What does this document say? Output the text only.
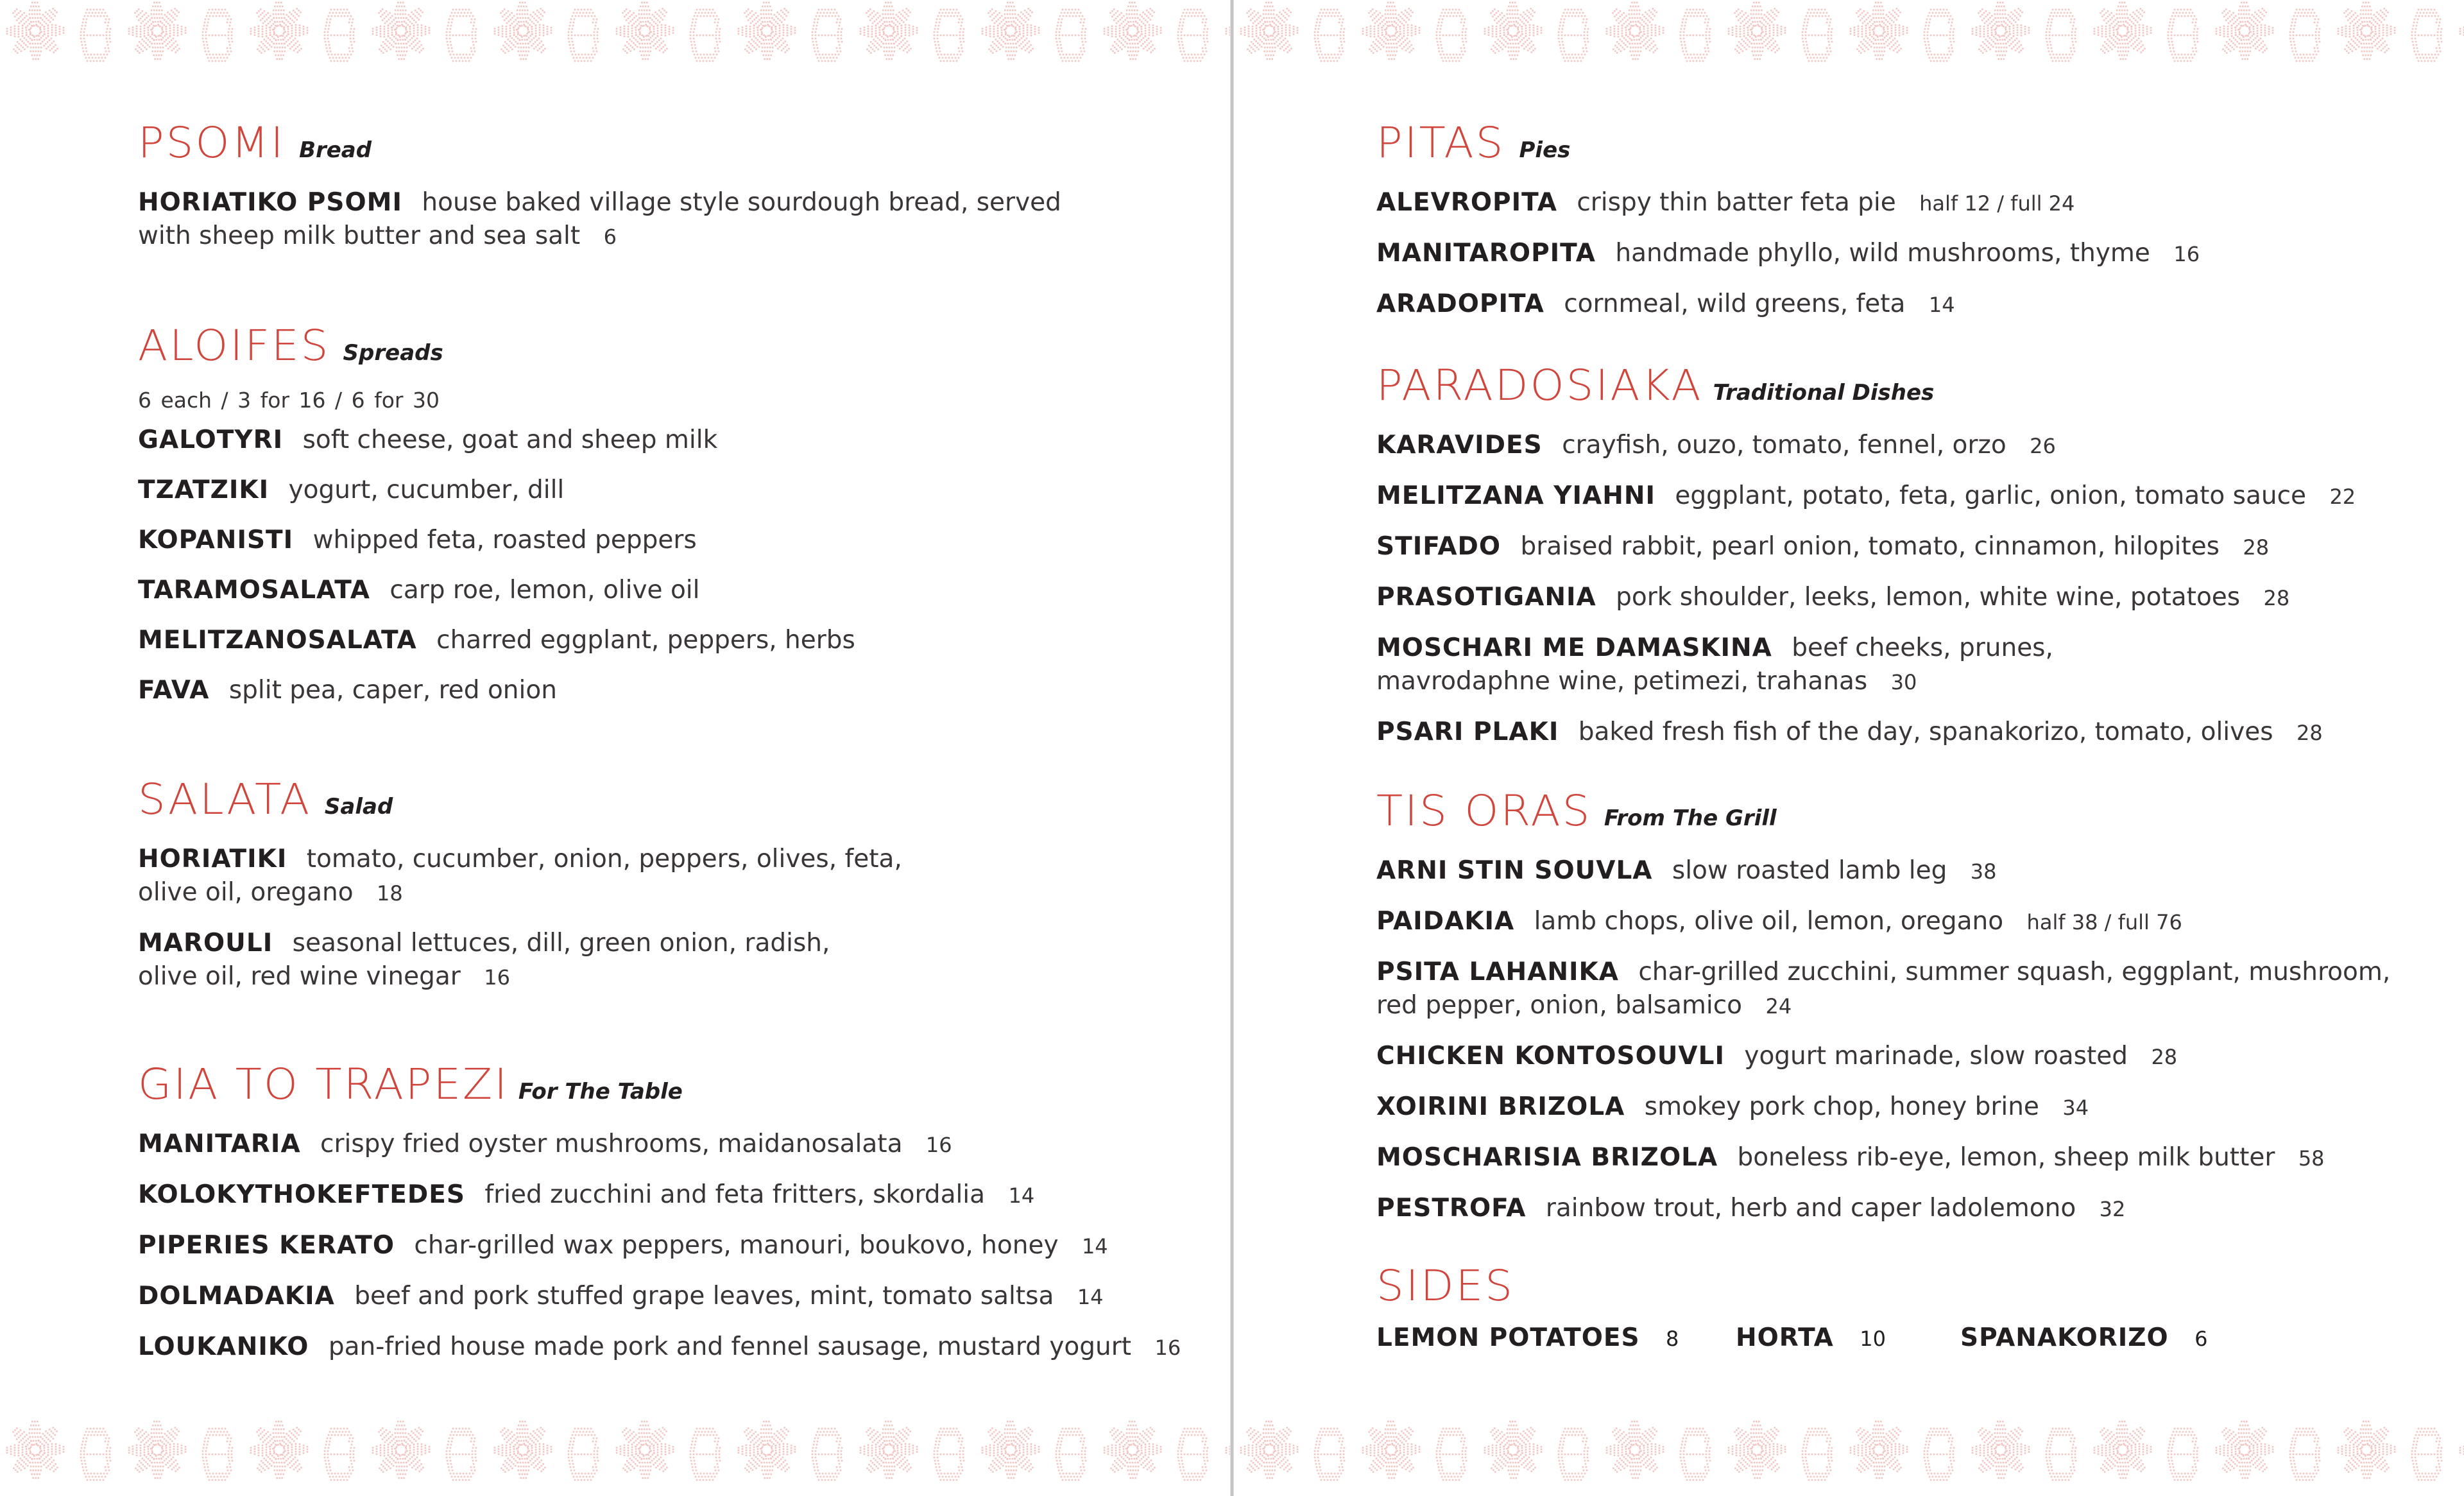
PSOMI Bread
HORIATIKO PSOMI house baked village style sourdough bread, served with sheep milk butter and sea salt 6
ALOIFES Spreads
6 each / 3 for 16 / 6 for 30
GALOTYRI soft cheese, goat and sheep milk
TZATZIKI yogurt, cucumber, dill
KOPANISTI whipped feta, roasted peppers
TARAMOSALATA carp roe, lemon, olive oil
MELITZANOSALATA charred eggplant, peppers, herbs
FAVA split pea, caper, red onion
SALATA Salad
HORIATIKI tomato, cucumber, onion, peppers, olives, feta, olive oil, oregano 18
MAROULI seasonal lettuces, dill, green onion, radish, olive oil, red wine vinegar 16
GIA TO TRAPEZI For The Table
MANITARIA crispy fried oyster mushrooms, maidanosalata 16
KOLOKYTHOKEFTEDES fried zucchini and feta fritters, skordalia 14
PIPERIES KERATO char-grilled wax peppers, manouri, boukovo, honey 14
DOLMADAKIA beef and pork stuffed grape leaves, mint, tomato saltsa 14
LOUKANIKO pan-fried house made pork and fennel sausage, mustard yogurt 16
PITAS Pies
ALEVROPITA crispy thin batter feta pie half 12 / full 24
MANITAROPITA handmade phyllo, wild mushrooms, thyme 16
ARADOPITA cornmeal, wild greens, feta 14
PARADOSIAKA Traditional Dishes
KARAVIDES crayfish, ouzo, tomato, fennel, orzo 26
MELITZANA YIAHNI eggplant, potato, feta, garlic, onion, tomato sauce 22
STIFADO braised rabbit, pearl onion, tomato, cinnamon, hilopites 28
PRASOTIGANIA pork shoulder, leeks, lemon, white wine, potatoes 28
MOSCHARI ME DAMASKINA beef cheeks, prunes, mavrodaphne wine, petimezi, trahanas 30
PSARI PLAKI baked fresh fish of the day, spanakorizo, tomato, olives 28
TIS ORAS From The Grill
ARNI STIN SOUVLA slow roasted lamb leg 38
PAIDAKIA lamb chops, olive oil, lemon, oregano half 38 / full 76
PSITA LAHANIKA char-grilled zucchini, summer squash, eggplant, mushroom, red pepper, onion, balsamico 24
CHICKEN KONTOSOUVLI yogurt marinade, slow roasted 28
XOIRINI BRIZOLA smokey pork chop, honey brine 34
MOSCHARISIA BRIZOLA boneless rib-eye, lemon, sheep milk butter 58
PESTROFA rainbow trout, herb and caper ladolemono 32
SIDES
LEMON POTATOES 8	HORTA 10	SPANAKORIZO 6
